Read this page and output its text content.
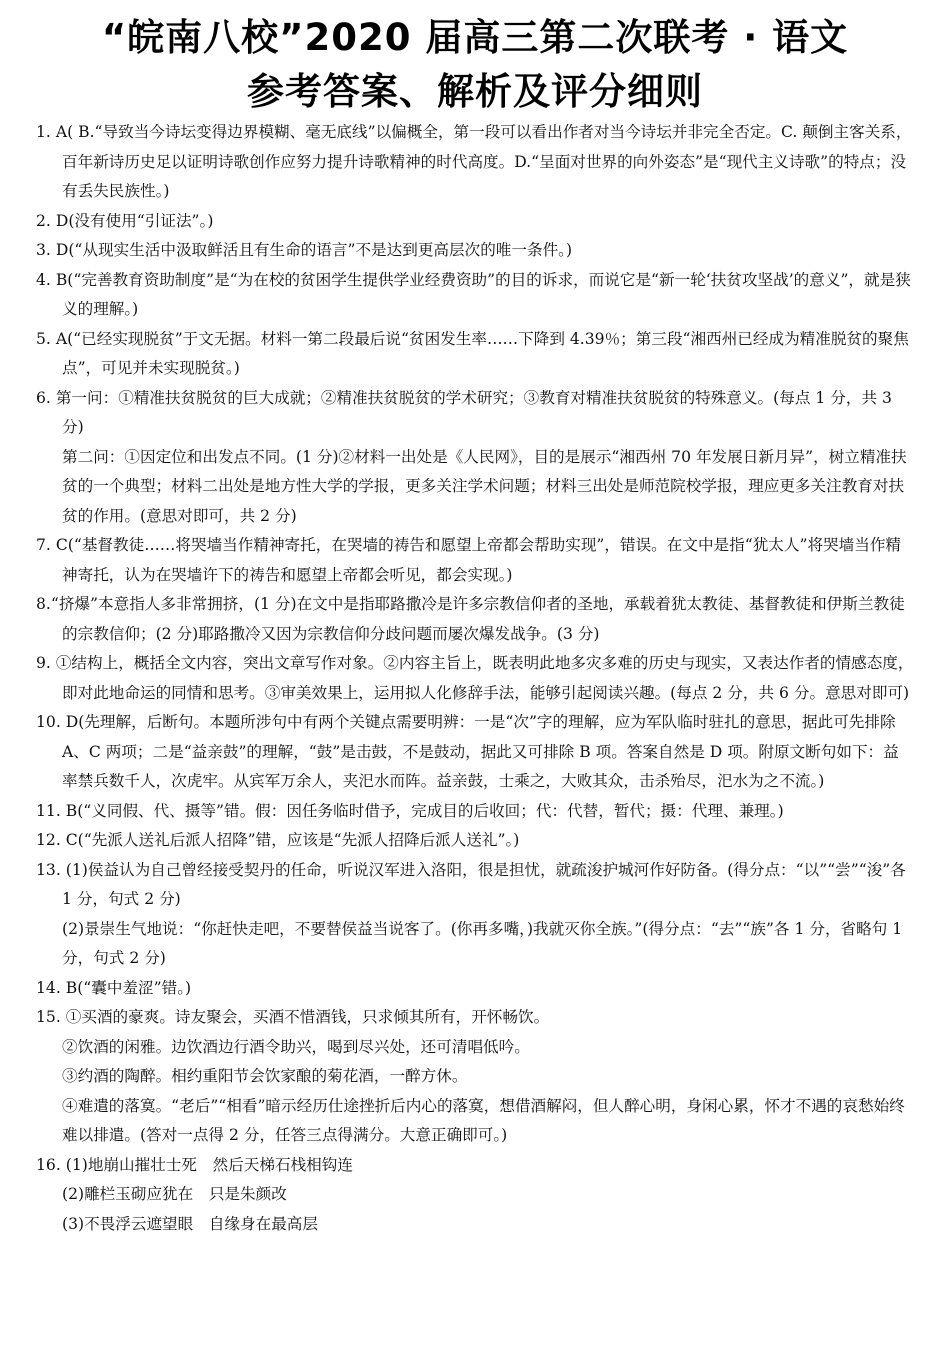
“皖南八校”2020 届高三第二次联考 · 语文
参考答案、解析及评分细则

1. A( B.“导致当今诗坛变得边界模糊、毫无底线”以偏概全，第一段可以看出作者对当今诗坛并非完全否定。C. 颠倒主客关系，百年新诗历史足以证明诗歌创作应努力提升诗歌精神的时代高度。D.“呈面对世界的向外姿态”是“现代主义诗歌”的特点；没有丢失民族性。)

2. D(没有使用“引证法”。)

3. D(“从现实生活中汲取鲜活且有生命的语言”不是达到更高层次的唯一条件。)

4. B(“完善教育资助制度”是“为在校的贫困学生提供学业经费资助”的目的诉求，而说它是“新一轮‘扶贫攻坚战’的意义”，就是狭义的理解。)

5. A(“已经实现脱贫”于文无据。材料一第二段最后说“贫困发生率……下降到 4.39％；第三段“湘西州已经成为精准脱贫的聚焦点”，可见并未实现脱贫。)

6. 第一问：①精准扶贫脱贫的巨大成就；②精准扶贫脱贫的学术研究；③教育对精准扶贫脱贫的特殊意义。(每点 1 分，共 3 分)

第二问：①因定位和出发点不同。(1 分)②材料一出处是《人民网》，目的是展示“湘西州 70 年发展日新月异”，树立精准扶贫的一个典型；材料二出处是地方性大学的学报，更多关注学术问题；材料三出处是师范院校学报，理应更多关注教育对扶贫的作用。(意思对即可，共 2 分)

7. C(“基督教徒……将哭墙当作精神寄托，在哭墙的祷告和愿望上帝都会帮助实现”，错误。在文中是指“犹太人”将哭墙当作精神寄托，认为在哭墙许下的祷告和愿望上帝都会听见，都会实现。)

8.“挤爆”本意指人多非常拥挤，(1 分)在文中是指耶路撒冷是许多宗教信仰者的圣地，承载着犹太教徒、基督教徒和伊斯兰教徒的宗教信仰；(2 分)耶路撒冷又因为宗教信仰分歧问题而屡次爆发战争。(3 分)

9. ①结构上，概括全文内容，突出文章写作对象。②内容主旨上，既表明此地多灾多难的历史与现实，又表达作者的情感态度，即对此地命运的同情和思考。③审美效果上，运用拟人化修辞手法，能够引起阅读兴趣。(每点 2 分，共 6 分。意思对即可)

10. D(先理解，后断句。本题所涉句中有两个关键点需要明辨：一是“次”字的理解，应为军队临时驻扎的意思，据此可先排除 A、C 两项；二是“益亲鼓”的理解，“鼓”是击鼓，不是鼓动，据此又可排除 B 项。答案自然是 D 项。附原文断句如下：益率禁兵数千人，次虎牢。从宾军万余人，夹汜水而阵。益亲鼓，士乘之，大败其众，击杀殆尽，汜水为之不流。)

11. B(“义同假、代、摄等”错。假：因任务临时借予，完成目的后收回；代：代替，暂代；摄：代理、兼理。)

12. C(“先派人送礼后派人招降”错，应该是“先派人招降后派人送礼”。)

13. (1)侯益认为自己曾经接受契丹的任命，听说汉军进入洛阳，很是担忧，就疏浚护城河作好防备。(得分点：“以”“尝”“浚”各 1 分，句式 2 分)

(2)景崇生气地说：“你赶快走吧，不要替侯益当说客了。(你再多嘴，)我就灭你全族。”(得分点：“去”“族”各 1 分，省略句 1 分，句式 2 分)

14. B(“囊中羞涩”错。)

15. ①买酒的豪爽。诗友聚会，买酒不惜酒钱，只求倾其所有，开怀畅饮。

②饮酒的闲雅。边饮酒边行酒令助兴，喝到尽兴处，还可清唱低吟。

③约酒的陶醉。相约重阳节会饮家酿的菊花酒，一醉方休。

④难遣的落寞。“老后”“相看”暗示经历仕途挫折后内心的落寞，想借酒解闷，但人醉心明，身闲心累，怀才不遇的哀愁始终难以排遣。(答对一点得 2 分，任答三点得满分。大意正确即可。)

16. (1)地崩山摧壮士死　然后天梯石栈相钩连

(2)雕栏玉砌应犹在　只是朱颜改

(3)不畏浮云遮望眼　自缘身在最高层
